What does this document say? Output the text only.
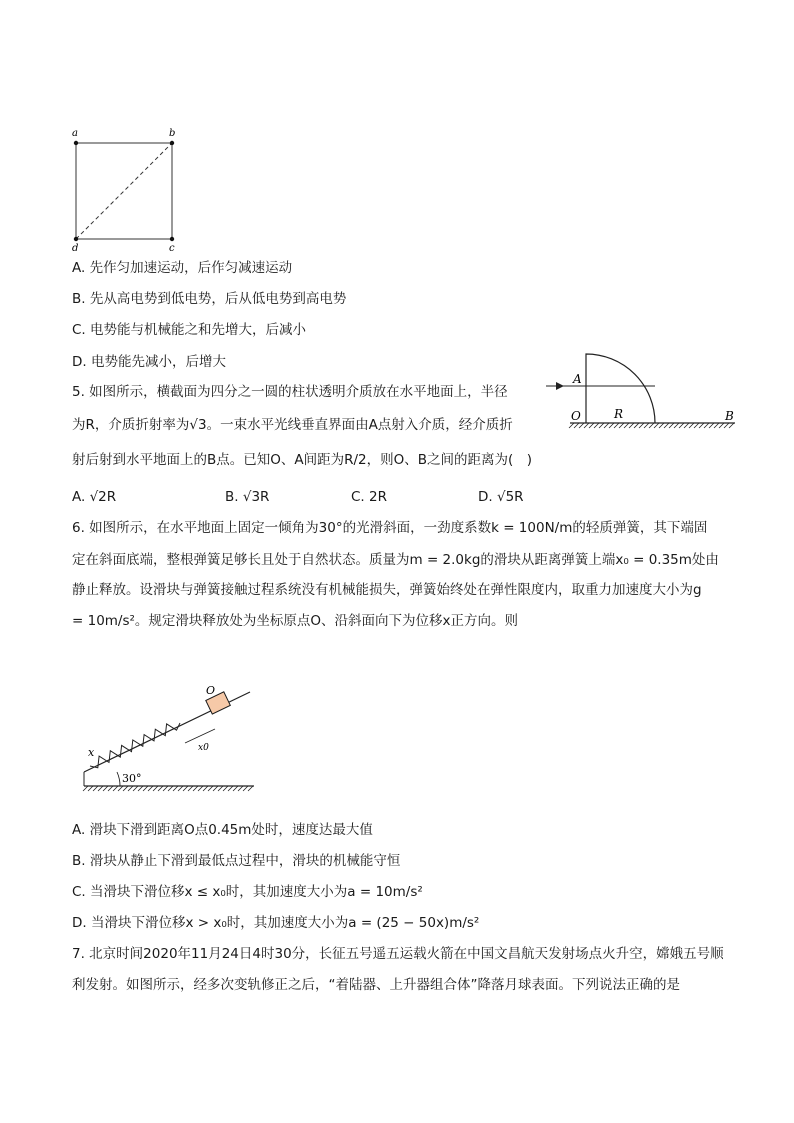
a	b
c
d
A. 先作匀加速运动，后作匀减速运动
B. 先从高电势到低电势，后从低电势到高电势
C. 电势能与机械能之和先增大，后减小
D. 电势能先减小，后增大
5. 如图所示，横截面为四分之一圆的柱状透明介质放在水平地面上，半径
为R，介质折射率为√3。一束水平光线垂直界面由A点射入介质，经介质折
射后射到水平地面上的B点。已知O、A间距为R/2，则O、B之间的距离为(　)
A
O	R	B
A. √2R	B. √3R	C. 2R	D. √5R
6. 如图所示，在水平地面上固定一倾角为30°的光滑斜面，一劲度系数k = 100N/m的轻质弹簧，其下端固
定在斜面底端，整根弹簧足够长且处于自然状态。质量为m = 2.0kg的滑块从距离弹簧上端x₀ = 0.35m处由
静止释放。设滑块与弹簧接触过程系统没有机械能损失，弹簧始终处在弹性限度内，取重力加速度大小为g
= 10m/s²。规定滑块释放处为坐标原点O、沿斜面向下为位移x正方向。则
30°
O
x	x0
A. 滑块下滑到距离O点0.45m处时，速度达最大值
B. 滑块从静止下滑到最低点过程中，滑块的机械能守恒
C. 当滑块下滑位移x ≤ x₀时，其加速度大小为a = 10m/s²
D. 当滑块下滑位移x > x₀时，其加速度大小为a = (25 − 50x)m/s²
7. 北京时间2020年11月24日4时30分，长征五号遥五运载火箭在中国文昌航天发射场点火升空，嫦娥五号顺
利发射。如图所示，经多次变轨修正之后，“着陆器、上升器组合体”降落月球表面。下列说法正确的是
